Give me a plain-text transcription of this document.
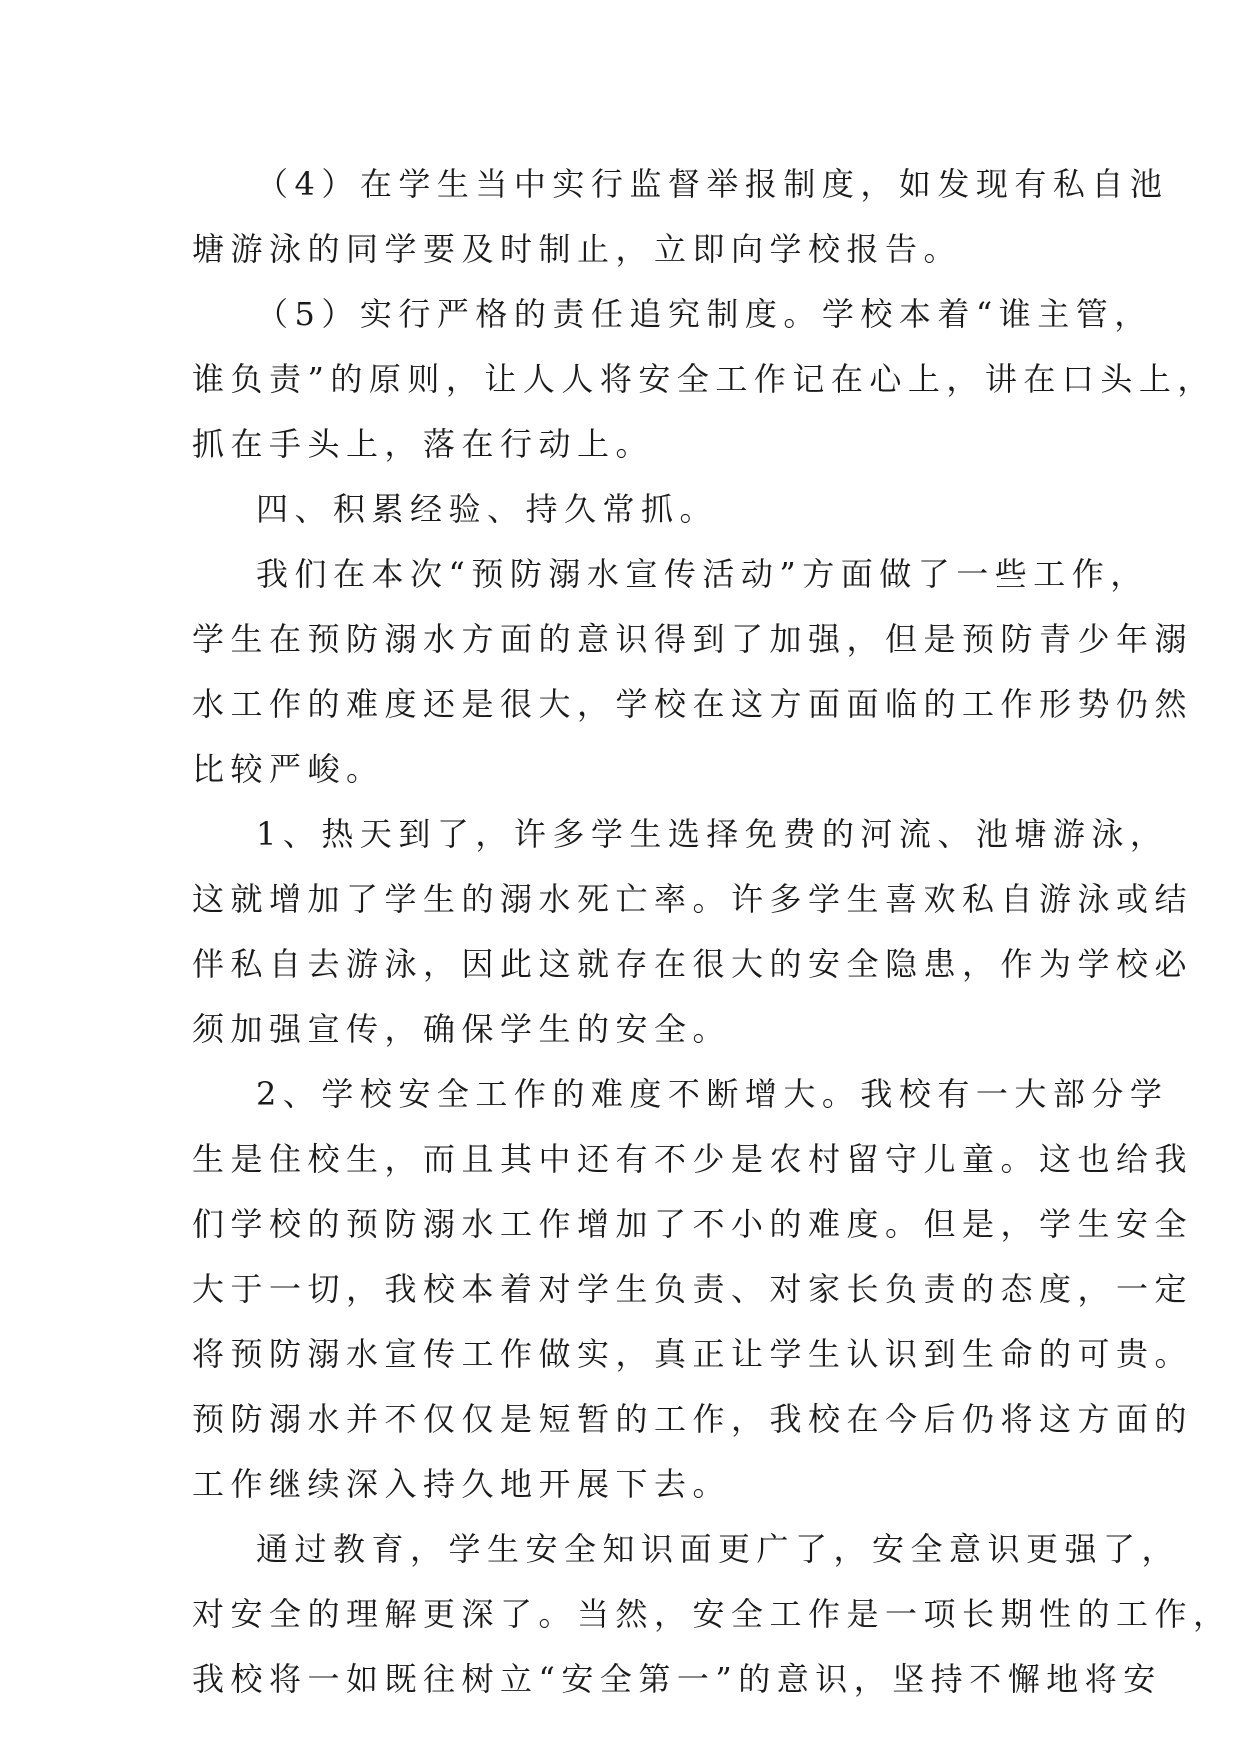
（4）在学生当中实行监督举报制度，如发现有私自池
塘游泳的同学要及时制止，立即向学校报告。
（5）实行严格的责任追究制度。学校本着“谁主管，
谁负责”的原则，让人人将安全工作记在心上，讲在口头上，
抓在手头上，落在行动上。
四、积累经验、持久常抓。
我们在本次“预防溺水宣传活动”方面做了一些工作，
学生在预防溺水方面的意识得到了加强，但是预防青少年溺
水工作的难度还是很大，学校在这方面面临的工作形势仍然
比较严峻。
1、热天到了，许多学生选择免费的河流、池塘游泳，
这就增加了学生的溺水死亡率。许多学生喜欢私自游泳或结
伴私自去游泳，因此这就存在很大的安全隐患，作为学校必
须加强宣传，确保学生的安全。
2、学校安全工作的难度不断增大。我校有一大部分学
生是住校生，而且其中还有不少是农村留守儿童。这也给我
们学校的预防溺水工作增加了不小的难度。但是，学生安全
大于一切，我校本着对学生负责、对家长负责的态度，一定
将预防溺水宣传工作做实，真正让学生认识到生命的可贵。
预防溺水并不仅仅是短暂的工作，我校在今后仍将这方面的
工作继续深入持久地开展下去。
通过教育，学生安全知识面更广了，安全意识更强了，
对安全的理解更深了。当然，安全工作是一项长期性的工作，
我校将一如既往树立“安全第一”的意识，坚持不懈地将安
